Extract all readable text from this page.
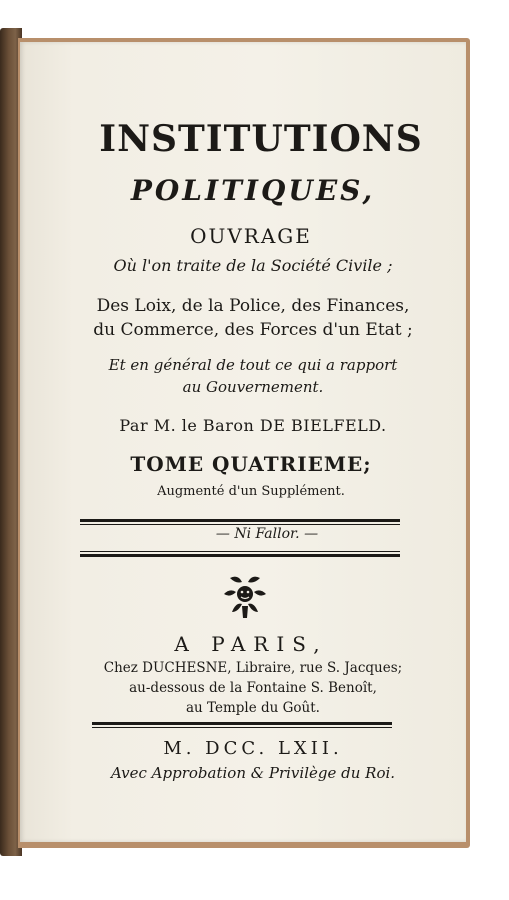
INSTITUTIONS
POLITIQUES,
OUVRAGE
Où l'on traite de la Société Civile ;
Des Loix, de la Police, des Finances,
du Commerce, des Forces d'un Etat ;
Et en général de tout ce qui a rapport
au Gouvernement.
Par M. le Baron DE BIELFELD.
TOME QUATRIEME;
Augmenté d'un Supplément.
— Ni Fallor. —
A PARIS,
Chez DUCHESNE, Libraire, rue S. Jacques;
au-dessous de la Fontaine S. Benoît,
au Temple du Goût.
M. DCC. LXII.
Avec Approbation & Privilège du Roi.
